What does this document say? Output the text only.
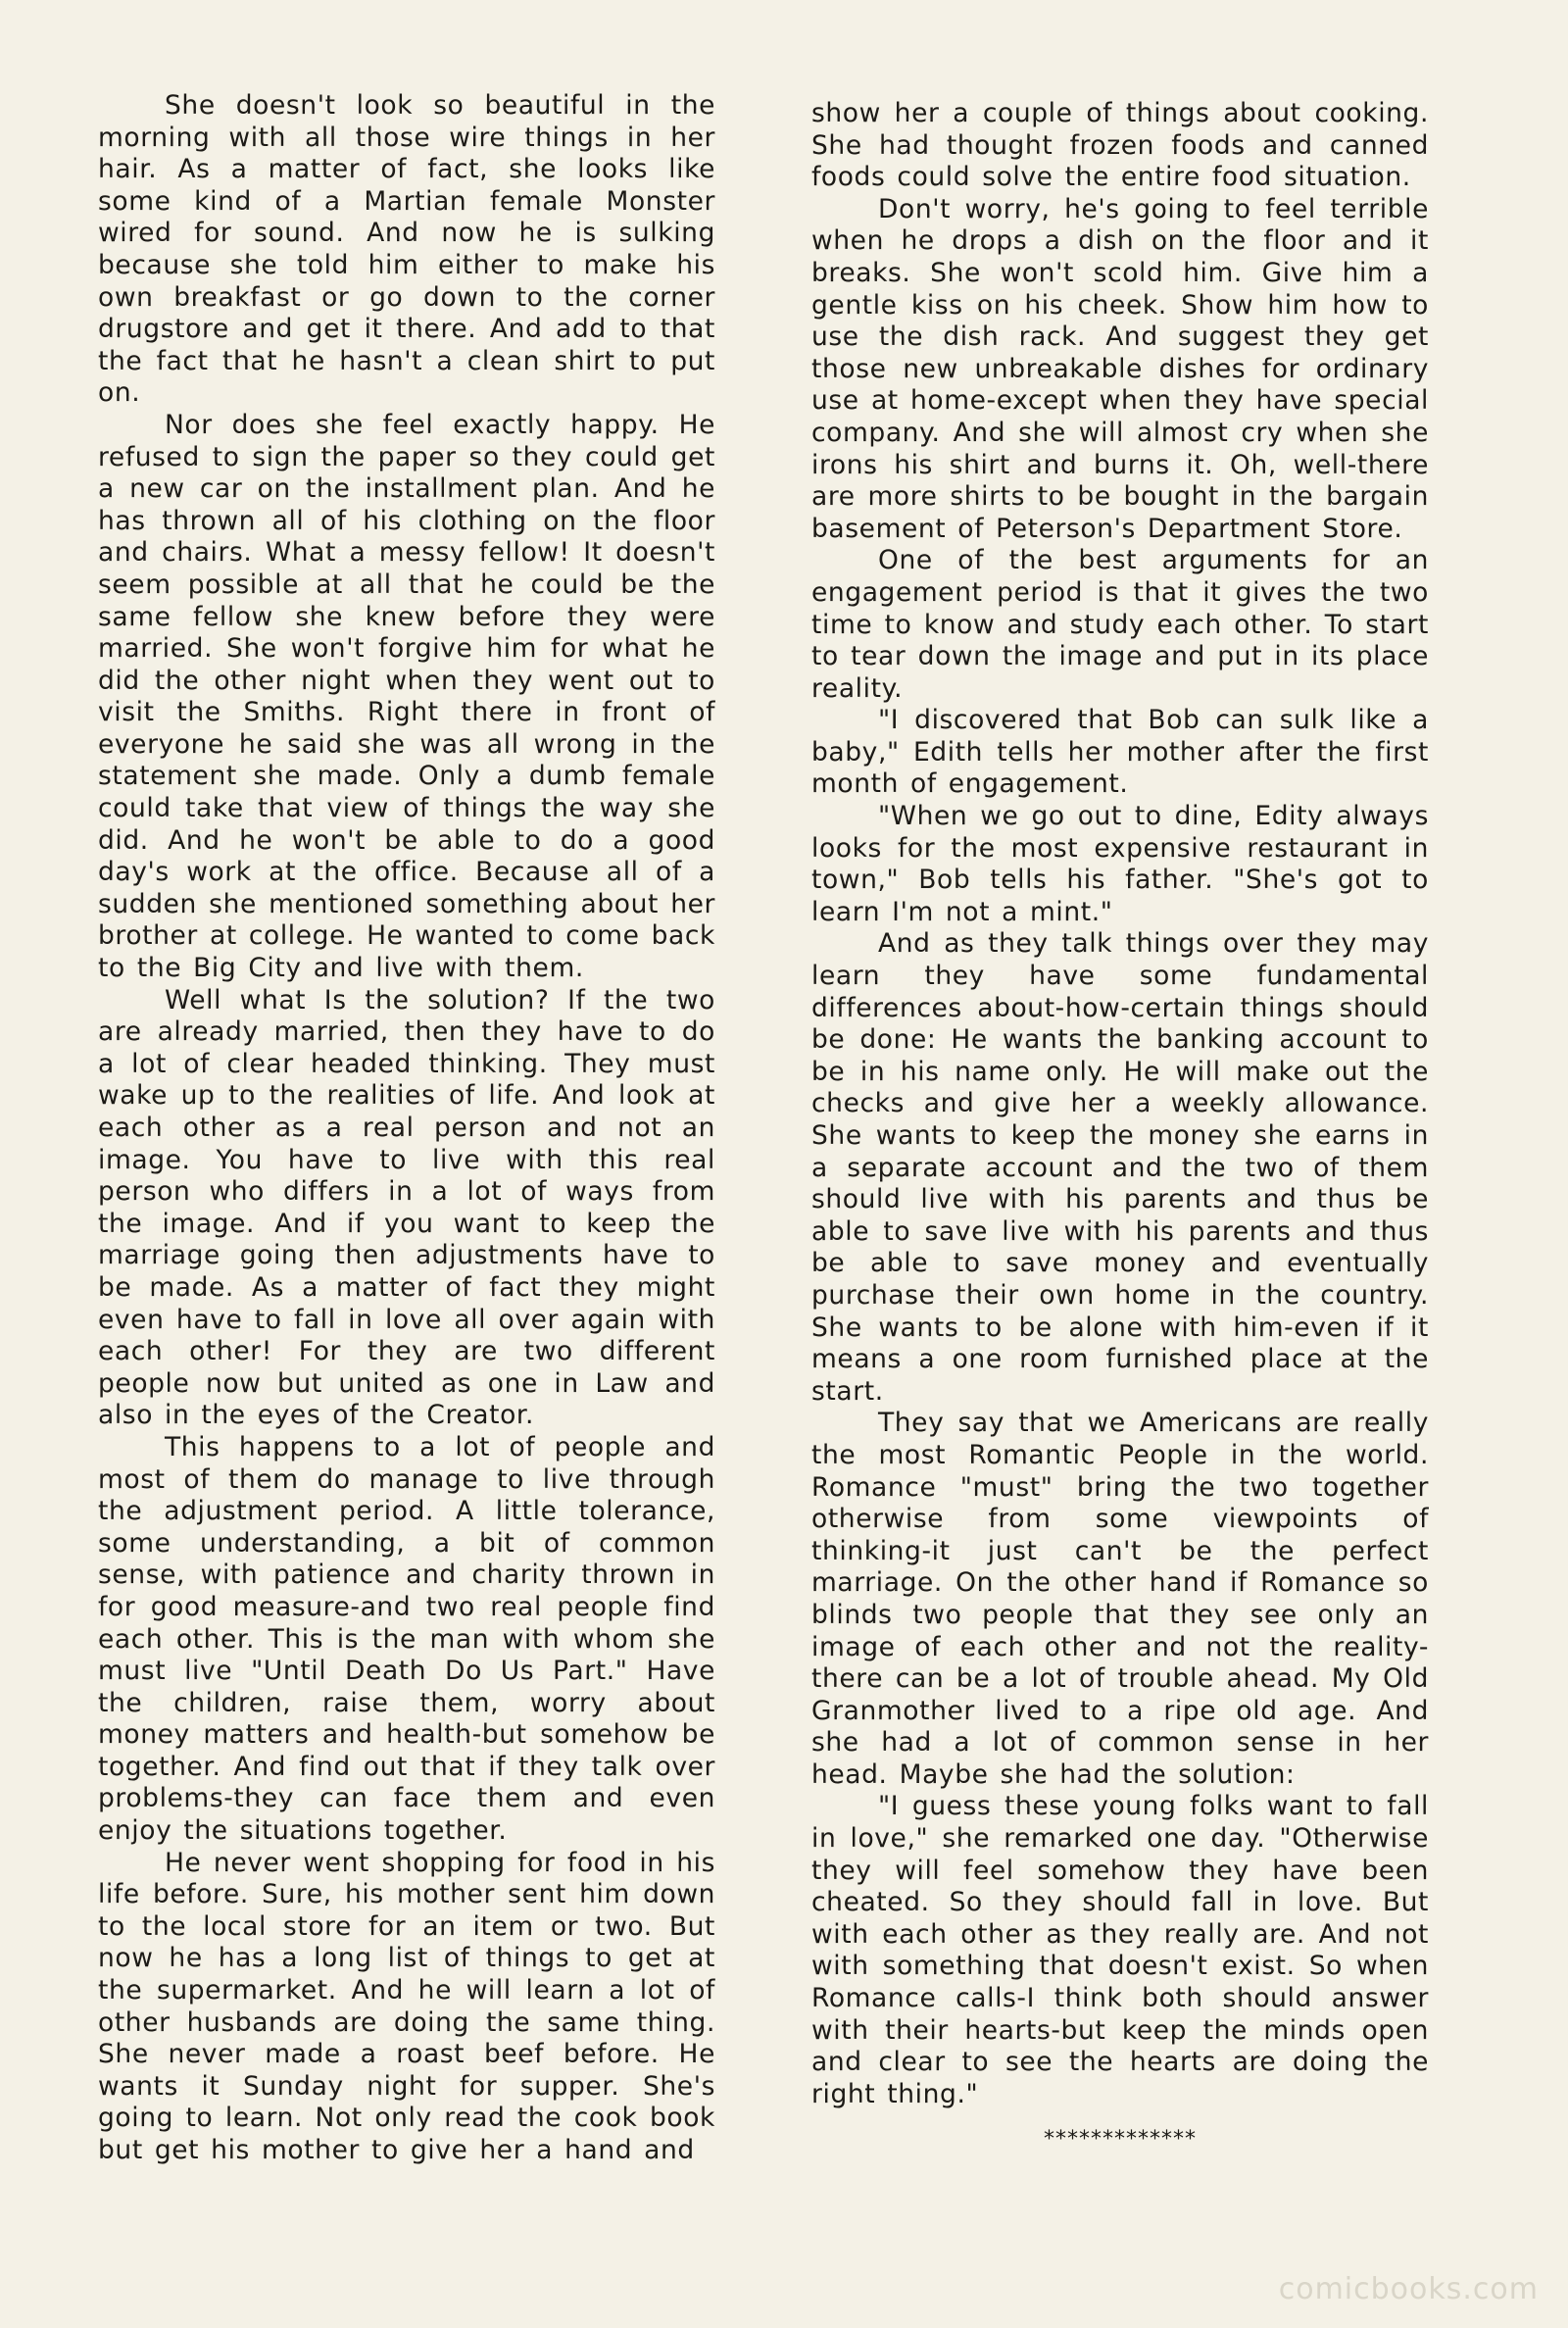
She doesn't look so beautiful in the morning with all those wire things in her hair. As a matter of fact, she looks like some kind of a Martian female Monster wired for sound. And now he is sulking because she told him either to make his own breakfast or go down to the corner drugstore and get it there. And add to that the fact that he hasn't a clean shirt to put on.

Nor does she feel exactly happy. He refused to sign the paper so they could get a new car on the installment plan. And he has thrown all of his clothing on the floor and chairs. What a messy fellow! It doesn't seem possible at all that he could be the same fellow she knew before they were married. She won't forgive him for what he did the other night when they went out to visit the Smiths. Right there in front of everyone he said she was all wrong in the statement she made. Only a dumb female could take that view of things the way she did. And he won't be able to do a good day's work at the office. Because all of a sudden she mentioned something about her brother at college. He wanted to come back to the Big City and live with them.

Well what Is the solution? If the two are already married, then they have to do a lot of clear headed thinking. They must wake up to the realities of life. And look at each other as a real person and not an image. You have to live with this real person who differs in a lot of ways from the image. And if you want to keep the marriage going then adjustments have to be made. As a matter of fact they might even have to fall in love all over again with each other! For they are two different people now but united as one in Law and also in the eyes of the Creator.

This happens to a lot of people and most of them do manage to live through the adjustment period. A little tolerance, some understanding, a bit of common sense, with patience and charity thrown in for good measure-and two real people find each other. This is the man with whom she must live "Until Death Do Us Part." Have the children, raise them, worry about money matters and health-but somehow be together. And find out that if they talk over problems-they can face them and even enjoy the situations together.

He never went shopping for food in his life before. Sure, his mother sent him down to the local store for an item or two. But now he has a long list of things to get at the supermarket. And he will learn a lot of other husbands are doing the same thing. She never made a roast beef before. He wants it Sunday night for supper. She's going to learn. Not only read the cook book but get his mother to give her a hand and

show her a couple of things about cooking. She had thought frozen foods and canned foods could solve the entire food situation.

Don't worry, he's going to feel terrible when he drops a dish on the floor and it breaks. She won't scold him. Give him a gentle kiss on his cheek. Show him how to use the dish rack. And suggest they get those new unbreakable dishes for ordinary use at home-except when they have special company. And she will almost cry when she irons his shirt and burns it. Oh, well-there are more shirts to be bought in the bargain basement of Peterson's Department Store.

One of the best arguments for an engagement period is that it gives the two time to know and study each other. To start to tear down the image and put in its place reality.

"I discovered that Bob can sulk like a baby," Edith tells her mother after the first month of engagement.

"When we go out to dine, Edity always looks for the most expensive restaurant in town," Bob tells his father. "She's got to learn I'm not a mint."

And as they talk things over they may learn they have some fundamental differences about-how-certain things should be done: He wants the banking account to be in his name only. He will make out the checks and give her a weekly allowance. She wants to keep the money she earns in a separate account and the two of them should live with his parents and thus be able to save live with his parents and thus be able to save money and eventually purchase their own home in the country. She wants to be alone with him-even if it means a one room furnished place at the start.

They say that we Americans are really the most Romantic People in the world. Romance "must" bring the two together otherwise from some viewpoints of thinking-it just can't be the perfect marriage. On the other hand if Romance so blinds two people that they see only an image of each other and not the reality-there can be a lot of trouble ahead. My Old Granmother lived to a ripe old age. And she had a lot of common sense in her head. Maybe she had the solution:

"I guess these young folks want to fall in love," she remarked one day. "Otherwise they will feel somehow they have been cheated. So they should fall in love. But with each other as they really are. And not with something that doesn't exist. So when Romance calls-I think both should answer with their hearts-but keep the minds open and clear to see the hearts are doing the right thing."

*************
comicbooks.com
